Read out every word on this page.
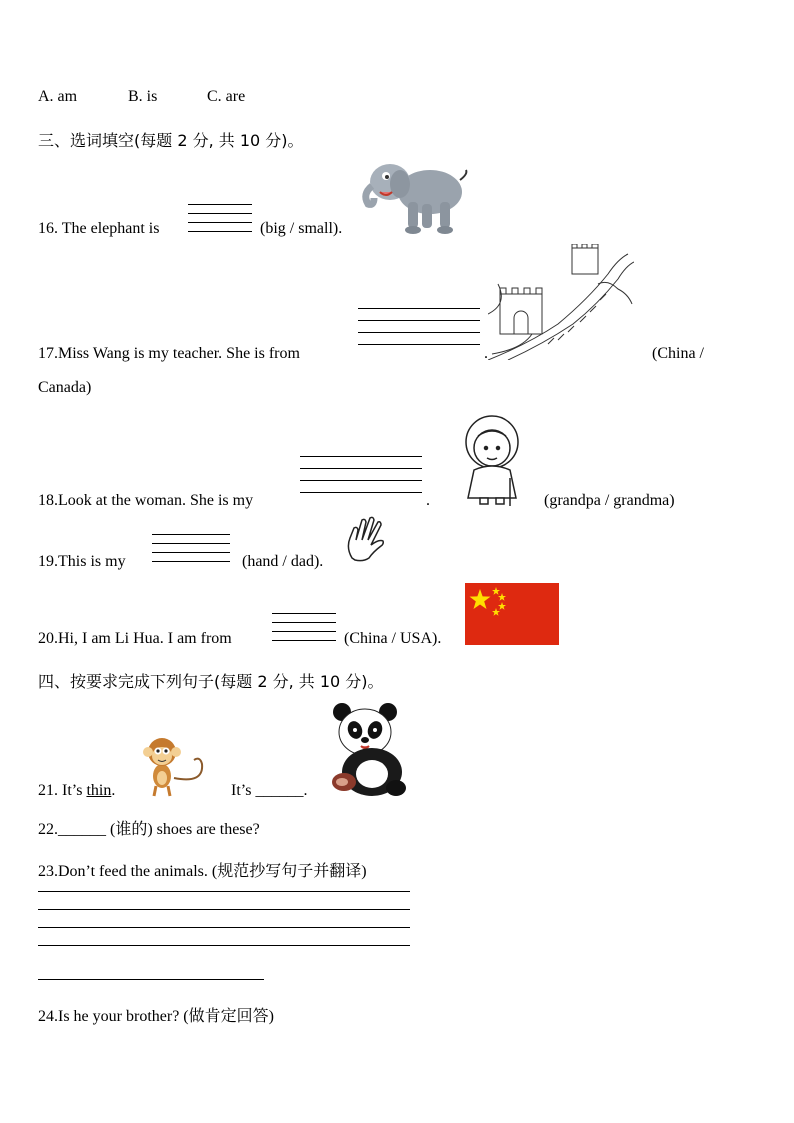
A. am	B. is	C. are
三、选词填空(每题 2 分, 共 10 分)。
16. The elephant is	(big / small).
17.Miss Wang is my teacher. She is from	.	(China /
Canada)
18.Look at the woman. She is my	.	(grandpa / grandma)
19.This is my	(hand / dad).
20.Hi, I am Li Hua. I am from	(China / USA).
四、按要求完成下列句子(每题 2 分, 共 10 分)。
21. It’s thin.	It’s ______.
22.______ (谁的) shoes are these?
23.Don’t feed the animals. (规范抄写句子并翻译)
24.Is he your brother? (做肯定回答)
